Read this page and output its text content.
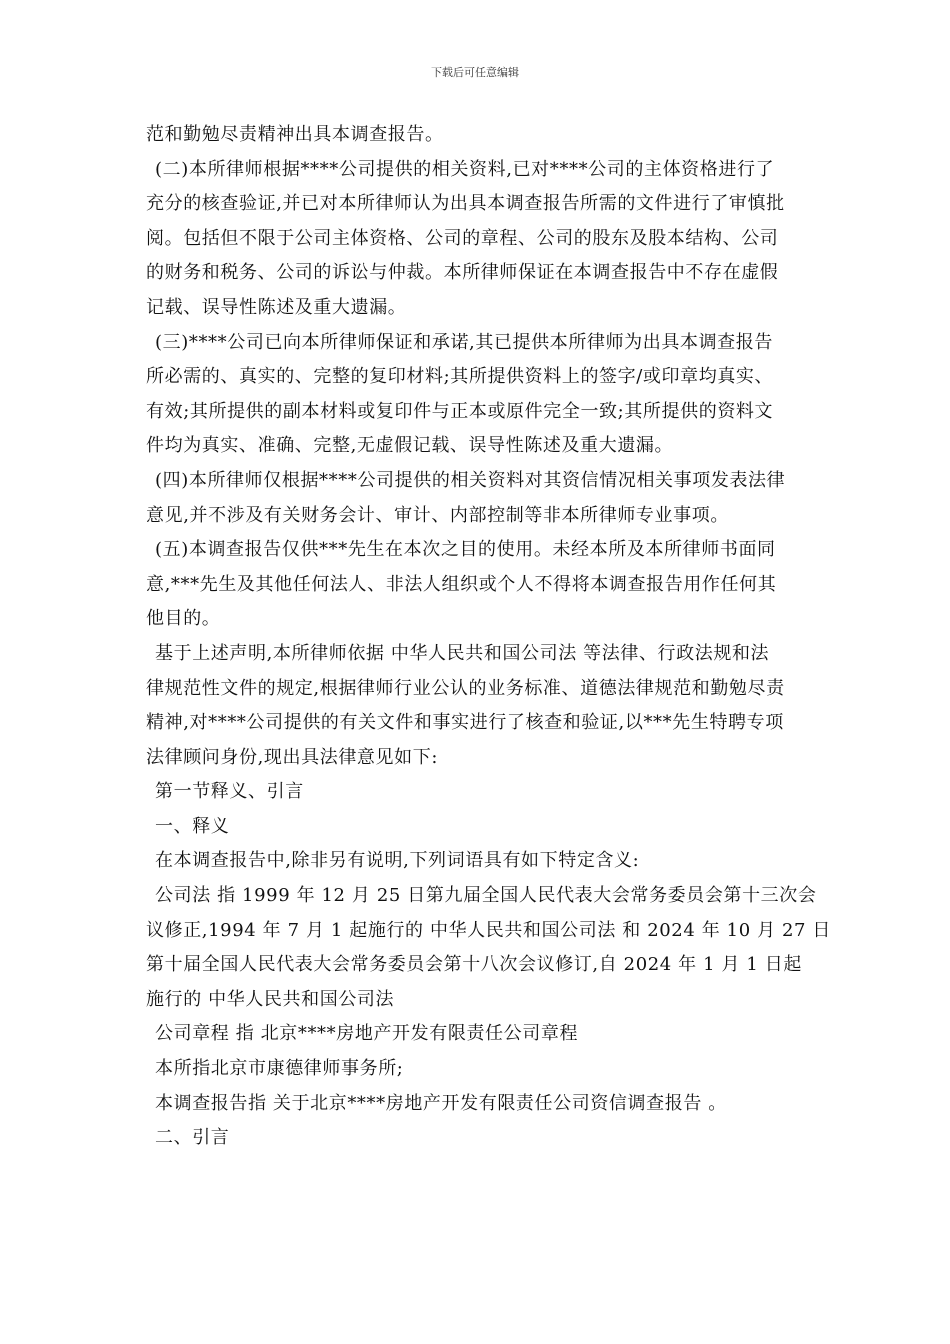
下载后可任意编辑
范和勤勉尽责精神出具本调查报告。
(二)本所律师根据****公司提供的相关资料,已对****公司的主体资格进行了
充分的核查验证,并已对本所律师认为出具本调查报告所需的文件进行了审慎批
阅。包括但不限于公司主体资格、公司的章程、公司的股东及股本结构、公司
的财务和税务、公司的诉讼与仲裁。本所律师保证在本调查报告中不存在虚假
记载、误导性陈述及重大遗漏。
(三)****公司已向本所律师保证和承诺,其已提供本所律师为出具本调查报告
所必需的、真实的、完整的复印材料;其所提供资料上的签字/或印章均真实、
有效;其所提供的副本材料或复印件与正本或原件完全一致;其所提供的资料文
件均为真实、准确、完整,无虚假记载、误导性陈述及重大遗漏。
(四)本所律师仅根据****公司提供的相关资料对其资信情况相关事项发表法律
意见,并不涉及有关财务会计、审计、内部控制等非本所律师专业事项。
(五)本调查报告仅供***先生在本次之目的使用。未经本所及本所律师书面同
意,***先生及其他任何法人、非法人组织或个人不得将本调查报告用作任何其
他目的。
基于上述声明,本所律师依据 中华人民共和国公司法 等法律、行政法规和法
律规范性文件的规定,根据律师行业公认的业务标准、道德法律规范和勤勉尽责
精神,对****公司提供的有关文件和事实进行了核查和验证,以***先生特聘专项
法律顾问身份,现出具法律意见如下:
第一节释义、引言
一、释义
在本调查报告中,除非另有说明,下列词语具有如下特定含义:
公司法 指 1999 年 12 月 25 日第九届全国人民代表大会常务委员会第十三次会
议修正,1994 年 7 月 1 起施行的 中华人民共和国公司法 和 2024 年 10 月 27 日
第十届全国人民代表大会常务委员会第十八次会议修订,自 2024 年 1 月 1 日起
施行的 中华人民共和国公司法
公司章程 指 北京****房地产开发有限责任公司章程
本所指北京市康德律师事务所;
本调查报告指 关于北京****房地产开发有限责任公司资信调查报告 。
二、引言
